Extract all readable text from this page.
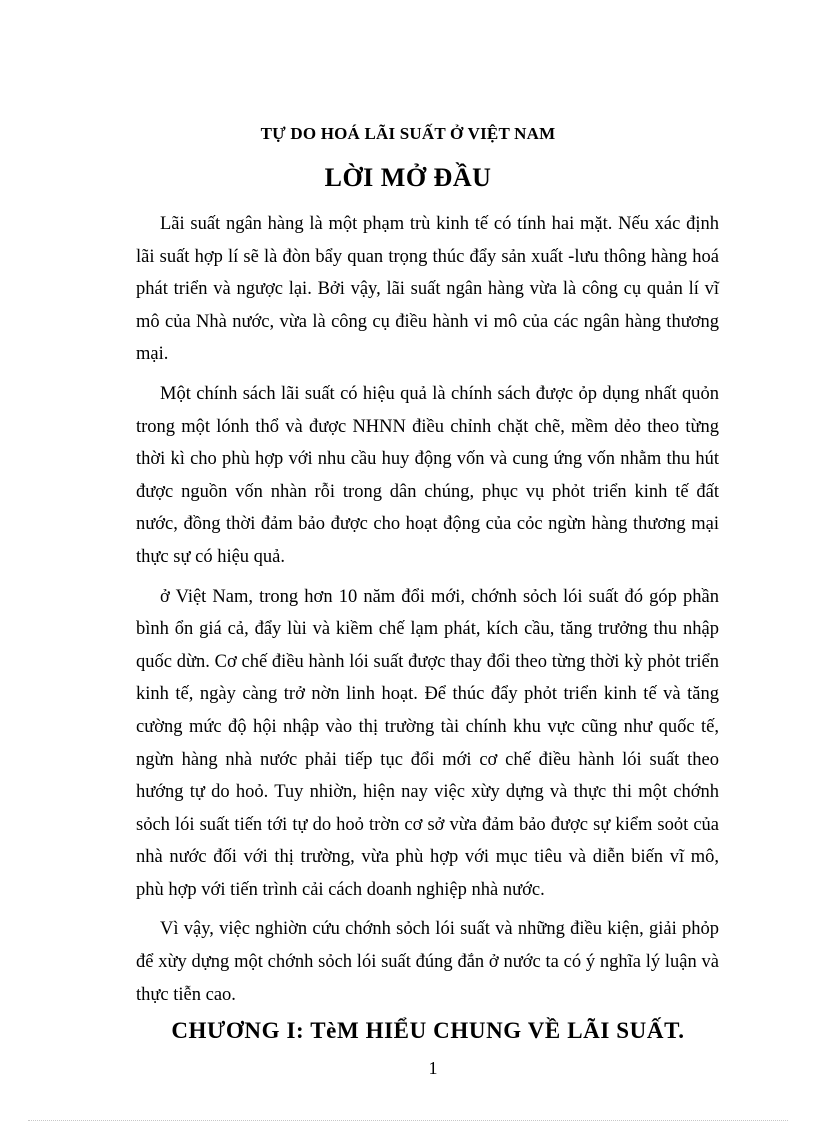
TỰ DO HOÁ LÃI SUẤT Ở VIỆT NAM
LỜI MỞ ĐẦU

Lãi suất ngân hàng là một phạm trù kinh tế có tính hai mặt. Nếu xác định lãi suất hợp lí sẽ là đòn bẩy quan trọng thúc đẩy sản xuất -lưu thông hàng hoá phát triển và ngược lại. Bởi vậy, lãi suất ngân hàng vừa là công cụ quản lí vĩ mô của Nhà nước, vừa là công cụ điều hành vi mô của các ngân hàng thương mại.

Một chính sách lãi suất có hiệu quả là chính sách được ỏp dụng nhất quỏn trong một lónh thổ và được NHNN điều chỉnh chặt chẽ, mềm dẻo theo từng thời kì cho phù hợp với nhu cầu huy động vốn và cung ứng vốn nhằm thu hút được nguồn vốn nhàn rỗi trong dân chúng, phục vụ phỏt triển kinh tế đất nước, đồng thời đảm bảo được cho hoạt động của cỏc ngừn hàng thương mại thực sự có hiệu quả.

ở Việt Nam, trong hơn 10 năm đổi mới, chớnh sỏch lói suất đó góp phần bình ổn giá cả, đẩy lùi và kiềm chế lạm phát, kích cầu, tăng trưởng thu nhập quốc dừn. Cơ chế điều hành lói suất được thay đổi theo từng thời kỳ phỏt triển kinh tế, ngày càng trở nờn linh hoạt. Để thúc đẩy phỏt triển kinh tế và tăng cường mức độ hội nhập vào thị trường tài chính khu vực cũng như quốc tế, ngừn hàng nhà nước phải tiếp tục đổi mới cơ chế điều hành lói suất theo hướng tự do hoỏ. Tuy nhiờn, hiện nay việc xừy dựng và thực thi một chớnh sỏch lói suất tiến tới tự do hoỏ trờn cơ sở vừa đảm bảo được sự kiểm soỏt của nhà nước đối với thị trường, vừa phù hợp với mục tiêu và diễn biến vĩ mô, phù hợp với tiến trình cải cách doanh nghiệp nhà nước.

Vì vậy, việc nghiờn cứu chớnh sỏch lói suất và những điều kiện, giải phỏp để xừy dựng một chớnh sỏch lói suất đúng đắn ở nước ta có ý nghĩa lý luận và thực tiễn cao.

CHƯƠNG I: TèM HIỂU CHUNG VỀ LÃI SUẤT.
1
